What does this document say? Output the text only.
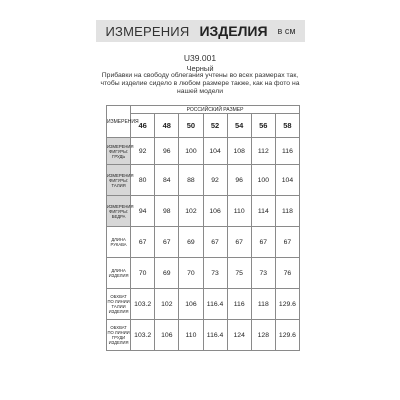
ИЗМЕРЕНИЯ ИЗДЕЛИЯ в см
U39.001
Черный
Прибавки на свободу облегания учтены во всех размерах так, чтобы изделие сидело в любом размере также, как на фото на нашей модели
ИЗМЕРЕНИЯ	РОССИЙСКИЙ РАЗМЕР						
	46	48	50	52	54	56	58
ИЗМЕРЕНИЯ ФИГУРЫ: ГРУДЬ	92	96	100	104	108	112	116
ИЗМЕРЕНИЯ ФИГУРЫ: ТАЛИЯ	80	84	88	92	96	100	104
ИЗМЕРЕНИЯ ФИГУРЫ: БЕДРА	94	98	102	106	110	114	118
ДЛИНА РУКАВА	67	67	69	67	67	67	67
ДЛИНА ИЗДЕЛИЯ	70	69	70	73	75	73	76
ОБХВАТ ПО ЛИНИИ ТАЛИИ ИЗДЕЛИЯ	103.2	102	106	116.4	116	118	129.6
ОБХВАТ ПО ЛИНИИ ГРУДИ ИЗДЕЛИЯ	103.2	106	110	116.4	124	128	129.6
